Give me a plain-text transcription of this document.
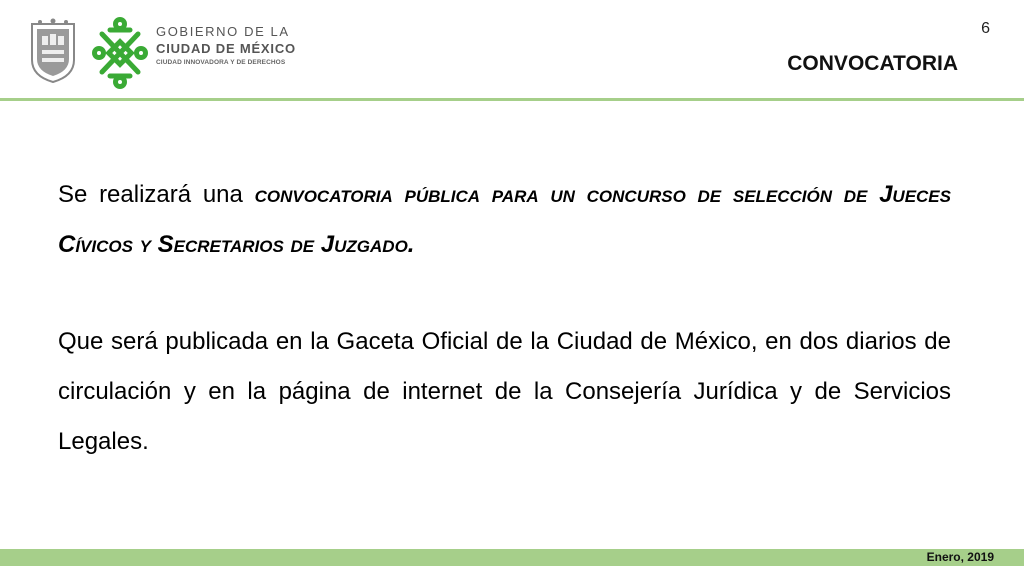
GOBIERNO DE LA
CIUDAD DE MÉXICO
CIUDAD INNOVADORA Y DE DERECHOS
6
CONVOCATORIA
Se realizará una convocatoria pública para un concurso de selección de Jueces Cívicos y Secretarios de Juzgado.
Que será publicada en la Gaceta Oficial de la Ciudad de México, en dos diarios de circulación y en la página de internet de la Consejería Jurídica y de Servicios Legales.
Enero, 2019
